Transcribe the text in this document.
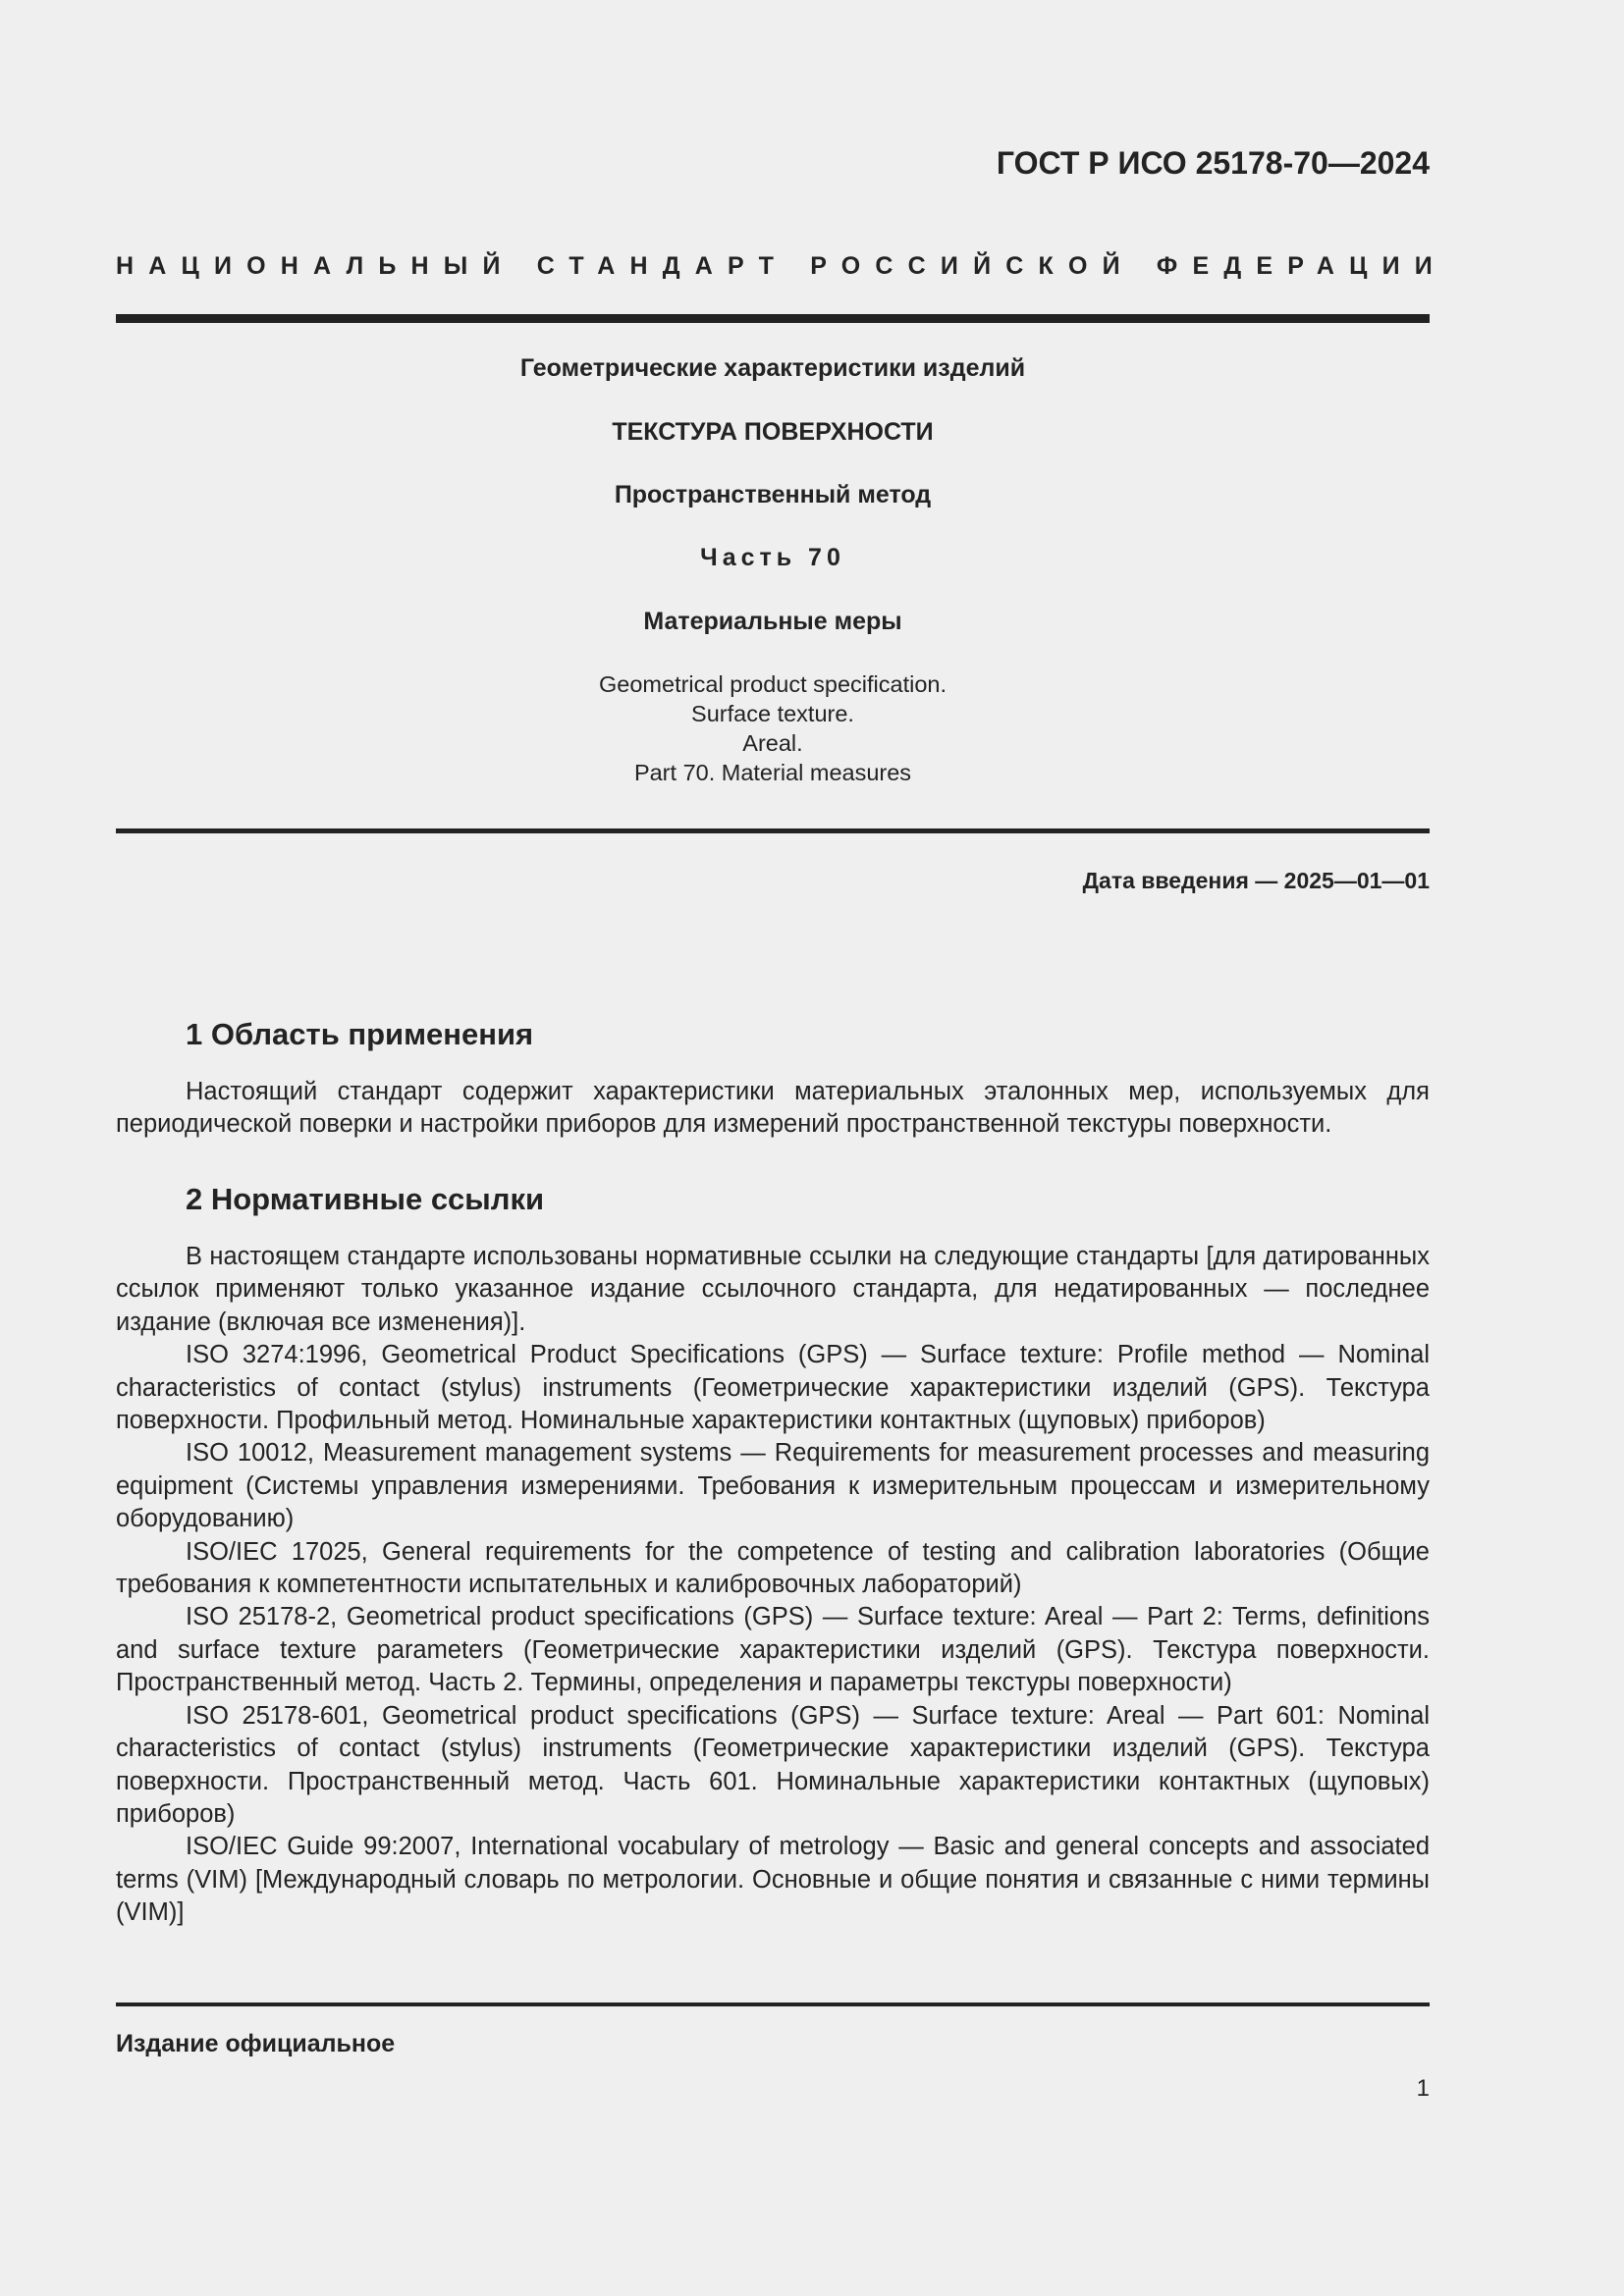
ГОСТ Р ИСО 25178-70—2024
НАЦИОНАЛЬНЫЙ СТАНДАРТ РОССИЙСКОЙ ФЕДЕРАЦИИ
Геометрические характеристики изделий
ТЕКСТУРА ПОВЕРХНОСТИ
Пространственный метод
Часть 70
Материальные меры
Geometrical product specification.
Surface texture.
Areal.
Part 70. Material measures
Дата введения — 2025—01—01
1 Область применения

Настоящий стандарт содержит характеристики материальных эталонных мер, используемых для периодической поверки и настройки приборов для измерений пространственной текстуры поверхности.

2 Нормативные ссылки

В настоящем стандарте использованы нормативные ссылки на следующие стандарты [для датированных ссылок применяют только указанное издание ссылочного стандарта, для недатированных — последнее издание (включая все изменения)].

ISO 3274:1996, Geometrical Product Specifications (GPS) — Surface texture: Profile method — Nominal characteristics of contact (stylus) instruments (Геометрические характеристики изделий (GPS). Текстура поверхности. Профильный метод. Номинальные характеристики контактных (щуповых) приборов)

ISO 10012, Measurement management systems — Requirements for measurement processes and measuring equipment (Системы управления измерениями. Требования к измерительным процессам и измерительному оборудованию)

ISO/IEC 17025, General requirements for the competence of testing and calibration laboratories (Общие требования к компетентности испытательных и калибровочных лабораторий)

ISO 25178-2, Geometrical product specifications (GPS) — Surface texture: Areal — Part 2: Terms, definitions and surface texture parameters (Геометрические характеристики изделий (GPS). Текстура поверхности. Пространственный метод. Часть 2. Термины, определения и параметры текстуры поверхности)

ISO 25178-601, Geometrical product specifications (GPS) — Surface texture: Areal — Part 601: Nominal characteristics of contact (stylus) instruments (Геометрические характеристики изделий (GPS). Текстура поверхности. Пространственный метод. Часть 601. Номинальные характеристики контактных (щуповых) приборов)

ISO/IEC Guide 99:2007, International vocabulary of metrology — Basic and general concepts and associated terms (VIM) [Международный словарь по метрологии. Основные и общие понятия и связанные с ними термины (VIM)]

Издание официальное
1
